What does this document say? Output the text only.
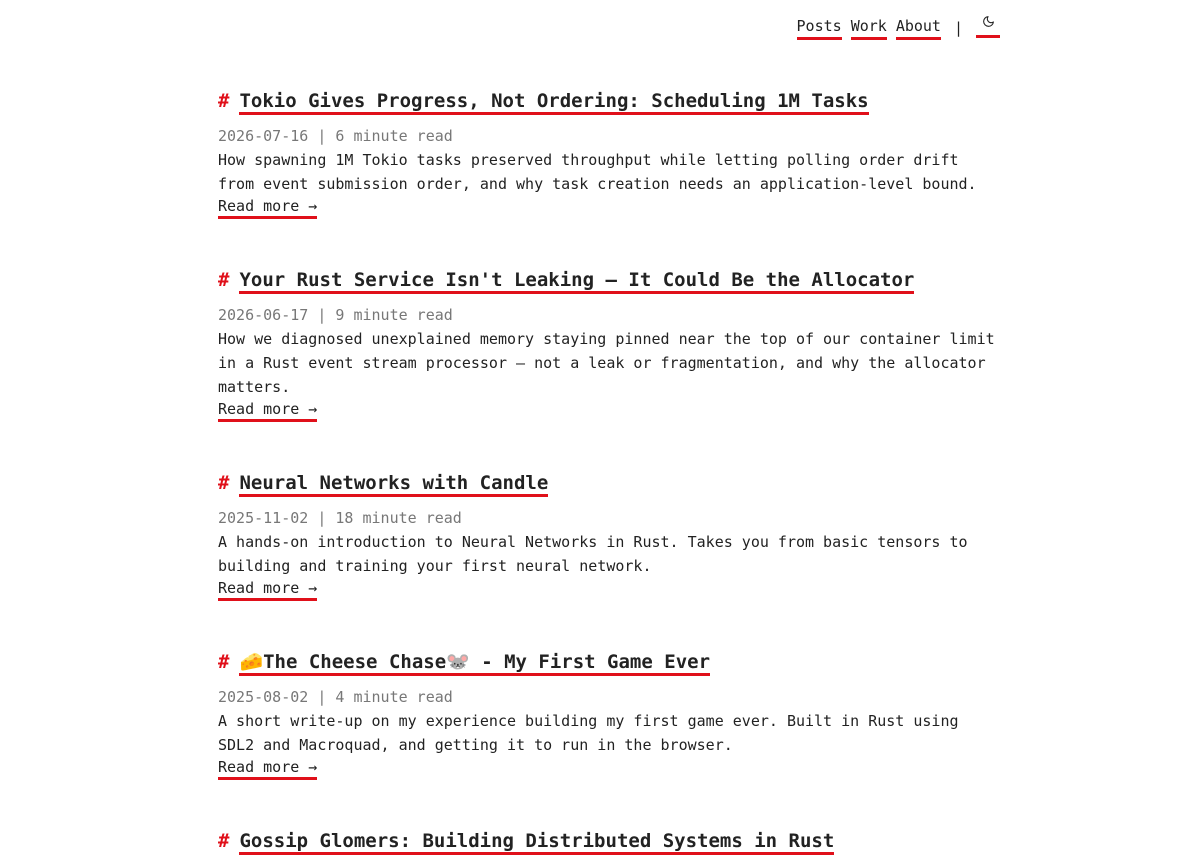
Posts Work About |
# Tokio Gives Progress, Not Ordering: Scheduling 1M Tasks
2026-07-16 | 6 minute read

How spawning 1M Tokio tasks preserved throughput while letting polling order drift from event submission order, and why task creation needs an application-level bound.

Read more →
# Your Rust Service Isn't Leaking — It Could Be the Allocator
2026-06-17 | 9 minute read

How we diagnosed unexplained memory staying pinned near the top of our container limit in a Rust event stream processor — not a leak or fragmentation, and why the allocator matters.

Read more →
# Neural Networks with Candle
2025-11-02 | 18 minute read

A hands-on introduction to Neural Networks in Rust. Takes you from basic tensors to building and training your first neural network.

Read more →
# 🧀The Cheese Chase🐭 - My First Game Ever
2025-08-02 | 4 minute read

A short write-up on my experience building my first game ever. Built in Rust using SDL2 and Macroquad, and getting it to run in the browser.

Read more →
# Gossip Glomers: Building Distributed Systems in Rust
